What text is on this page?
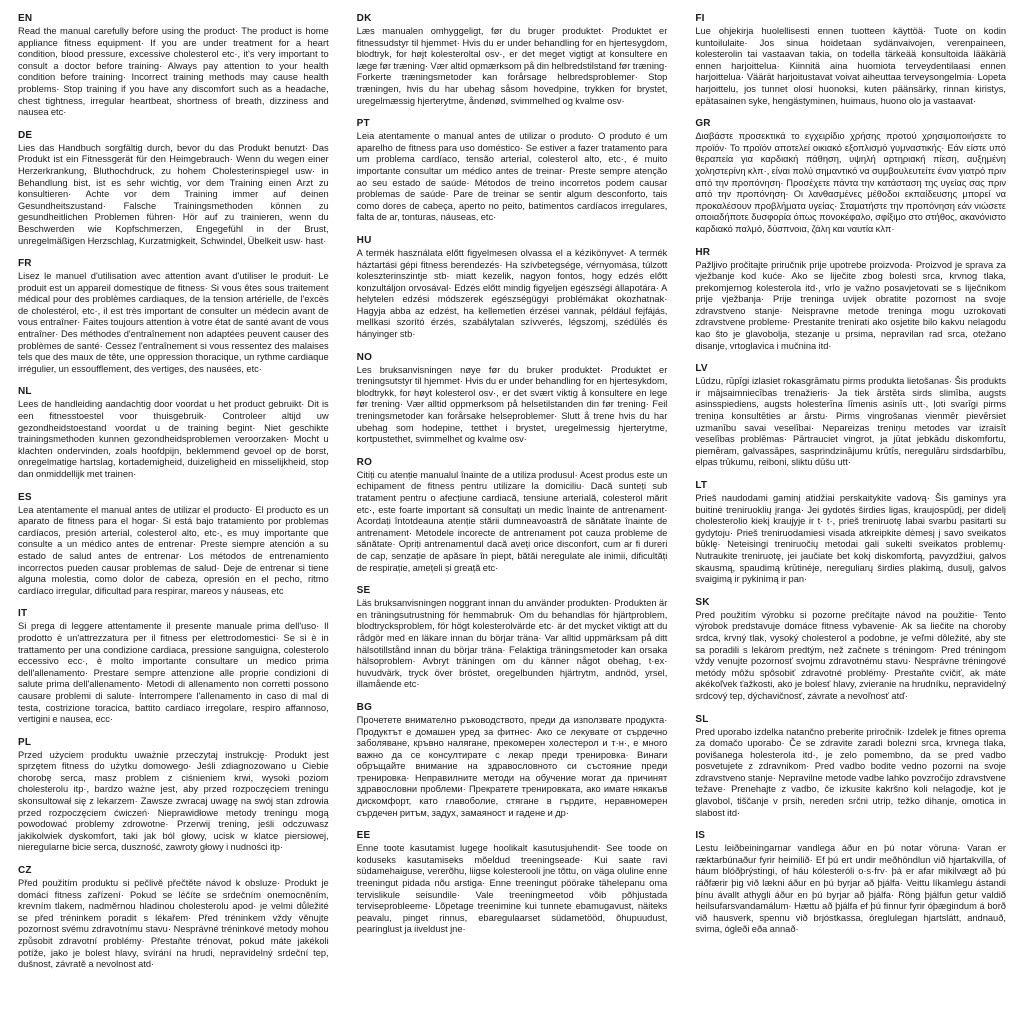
EN

Read the manual carefully before using the product· The product is home appliance fitness equipment· If you are under treatment for a heart condition, blood pressure, excessive cholesterol etc·, it's very important to consult a doctor before training· Always pay attention to your health condition before training· Incorrect training methods may cause health problems· Stop training if you have any discomfort such as a headache, chest tightness, irregular heartbeat, shortness of breath, dizziness and nausea etc·

DE

Lies das Handbuch sorgfältig durch, bevor du das Produkt benutzt· Das Produkt ist ein Fitnessgerät für den Heimgebrauch· Wenn du wegen einer Herzerkrankung, Bluthochdruck, zu hohem Cholesterinspiegel usw· in Behandlung bist, ist es sehr wichtig, vor dem Training einen Arzt zu konsultieren· Achte vor dem Training immer auf deinen Gesundheitszustand· Falsche Trainingsmethoden können zu gesundheitlichen Problemen führen· Hör auf zu trainieren, wenn du Beschwerden wie Kopfschmerzen, Engegefühl in der Brust, unregelmäßigen Herzschlag, Kurzatmigkeit, Schwindel, Übelkeit usw· hast·

FR

Lisez le manuel d'utilisation avec attention avant d'utiliser le produit· Le produit est un appareil domestique de fitness· Si vous êtes sous traitement médical pour des problèmes cardiaques, de la tension artérielle, de l'excès de cholestérol, etc·, il est très important de consulter un médecin avant de vous entraîner· Faites toujours attention à votre état de santé avant de vous entraîner· Des méthodes d'entraînement non adaptées peuvent causer des problèmes de santé· Cessez l'entraînement si vous ressentez des malaises tels que des maux de tête, une oppression thoracique, un rythme cardiaque irrégulier, un essoufflement, des vertiges, des nausées, etc·

NL

Lees de handleiding aandachtig door voordat u het product gebruikt· Dit is een fitnesstoestel voor thuisgebruik· Controleer altijd uw gezondheidstoestand voordat u de training begint· Niet geschikte trainingsmethoden kunnen gezondheidsproblemen veroorzaken· Mocht u klachten ondervinden, zoals hoofdpijn, beklemmend gevoel op de borst, onregelmatige hartslag, kortademigheid, duizeligheid en misselijkheid, stop dan onmiddellijk met trainen·

ES

Lea atentamente el manual antes de utilizar el producto· El producto es un aparato de fitness para el hogar· Si está bajo tratamiento por problemas cardíacos, presión arterial, colesterol alto, etc·, es muy importante que consulte a un médico antes de entrenar· Preste siempre atención a su estado de salud antes de entrenar· Los métodos de entrenamiento incorrectos pueden causar problemas de salud· Deje de entrenar si tiene alguna molestia, como dolor de cabeza, opresión en el pecho, ritmo cardíaco irregular, dificultad para respirar, mareos y náuseas, etc

IT

Si prega di leggere attentamente il presente manuale prima dell'uso· Il prodotto è un'attrezzatura per il fitness per elettrodomestici· Se si è in trattamento per una condizione cardiaca, pressione sanguigna, colesterolo eccessivo ecc·, è molto importante consultare un medico prima dell'allenamento· Prestare sempre attenzione alle proprie condizioni di salute prima dell'allenamento· Metodi di allenamento non corretti possono causare problemi di salute· Interrompere l'allenamento in caso di mal di testa, costrizione toracica, battito cardiaco irregolare, respiro affannoso, vertigini e nausea, ecc·

PL

Przed użyciem produktu uważnie przeczytaj instrukcję· Produkt jest sprzętem fitness do użytku domowego· Jeśli zdiagnozowano u Ciebie chorobę serca, masz problem z ciśnieniem krwi, wysoki poziom cholesterolu itp·, bardzo ważne jest, aby przed rozpoczęciem treningu skonsultował się z lekarzem· Zawsze zwracaj uwagę na swój stan zdrowia przed rozpoczęciem ćwiczeń· Nieprawidłowe metody treningu mogą powodować problemy zdrowotne· Przerwij trening, jeśli odczuwasz jakikolwiek dyskomfort, taki jak ból głowy, ucisk w klatce piersiowej, nieregularne bicie serca, duszność, zawroty głowy i nudności itp·

CZ

Před použitím produktu si pečlivě přečtěte návod k obsluze· Produkt je domácí fitness zařízení· Pokud se léčíte se srdečním onemocněním, krevním tlakem, nadměrnou hladinou cholesterolu apod· je velmi důležité se před tréninkem poradit s lékařem· Před tréninkem vždy věnujte pozornost svému zdravotnímu stavu· Nesprávné tréninkové metody mohou způsobit zdravotní problémy· Přestaňte trénovat, pokud máte jakékoli potíže, jako je bolest hlavy, svírání na hrudi, nepravidelný srdeční tep, dušnost, závratě a nevolnost atd·

DK

Læs manualen omhyggeligt, før du bruger produktet· Produktet er fitnessudstyr til hjemmet· Hvis du er under behandling for en hjertesygdom, blodtryk, for højt kolesteroltal osv·, er det meget vigtigt at konsultere en læge før træning· Vær altid opmærksom på din helbredstilstand før træning· Forkerte træningsmetoder kan forårsage helbredsproblemer· Stop træningen, hvis du har ubehag såsom hovedpine, trykken for brystet, uregelmæssig hjerterytme, åndenød, svimmelhed og kvalme osv·

PT

Leia atentamente o manual antes de utilizar o produto· O produto é um aparelho de fitness para uso doméstico· Se estiver a fazer tratamento para um problema cardíaco, tensão arterial, colesterol alto, etc·, é muito importante consultar um médico antes de treinar· Preste sempre atenção ao seu estado de saúde· Métodos de treino incorretos podem causar problemas de saúde· Pare de treinar se sentir algum desconforto, tais como dores de cabeça, aperto no peito, batimentos cardíacos irregulares, falta de ar, tonturas, náuseas, etc·

HU

A termék használata előtt figyelmesen olvassa el a kézikönyvet· A termék háztartási gépi fitness berendezés· Ha szívbetegsége, vérnyomása, túlzott koleszterinszintje stb· miatt kezelik, nagyon fontos, hogy edzés előtt konzultáljon orvosával· Edzés előtt mindig figyeljen egészségi állapotára· A helytelen edzési módszerek egészségügyi problémákat okozhatnak· Hagyja abba az edzést, ha kellemetlen érzései vannak, például fejfájás, mellkasi szorító érzés, szabálytalan szívverés, légszomj, szédülés és hányinger stb·

NO

Les bruksanvisningen nøye før du bruker produktet· Produktet er treningsutstyr til hjemmet· Hvis du er under behandling for en hjertesykdom, blodtrykk, for høyt kolesterol osv·, er det svært viktig å konsultere en lege før trening· Vær alltid oppmerksom på helsetilstanden din før trening· Feil treningsmetoder kan forårsake helseproblemer· Slutt å trene hvis du har ubehag som hodepine, tetthet i brystet, uregelmessig hjerterytme, kortpustethet, svimmelhet og kvalme osv·

RO

Citiți cu atenție manualul înainte de a utiliza produsul· Acest produs este un echipament de fitness pentru utilizare la domiciliu· Dacă sunteți sub tratament pentru o afecțiune cardiacă, tensiune arterială, colesterol mărit etc·, este foarte important să consultați un medic înainte de antrenament· Acordați întotdeauna atenție stării dumneavoastră de sănătate înainte de antrenament· Metodele incorecte de antrenament pot cauza probleme de sănătate· Opriți antrenamentul dacă aveți orice disconfort, cum ar fi dureri de cap, senzație de apăsare în piept, bătăi neregulate ale inimii, dificultăți de respirație, amețeli și greață etc·

SE

Läs bruksanvisningen noggrant innan du använder produkten· Produkten är en träningsutrustning för hemmabruk· Om du behandlas för hjärtproblem, blodtrycksproblem, för högt kolesterolvärde etc· är det mycket viktigt att du rådgör med en läkare innan du börjar träna· Var alltid uppmärksam på ditt hälsotillstånd innan du börjar träna· Felaktiga träningsmetoder kan orsaka hälsoproblem· Avbryt träningen om du känner något obehag, t·ex· huvudvärk, tryck över bröstet, oregelbunden hjärtrytm, andnöd, yrsel, illamående etc·

BG

Прочетете внимателно ръководството, преди да използвате продукта· Продуктът е домашен уред за фитнес· Ако се лекувате от сърдечно заболяване, кръвно налягане, прекомерен холестерол и т·н·, е много важно да се консултирате с лекар преди тренировка· Винаги обръщайте внимание на здравословното си състояние преди тренировка· Неправилните методи на обучение могат да причинят здравословни проблеми· Прекратете тренировката, ако имате някакъв дискомфорт, като главоболие, стягане в гърдите, неравномерен сърдечен ритъм, задух, замаяност и гадене и др·

EE

Enne toote kasutamist lugege hoolikalt kasutusjuhendit· See toode on koduseks kasutamiseks mõeldud treeningseade· Kui saate ravi südamehaiguse, vererõhu, liigse kolesterooli jne tõttu, on väga oluline enne treeningut pidada nõu arstiga· Enne treeningut pöörake tähelepanu oma tervislikule seisundile· Vale treeningmeetod võib põhjustada terviseprobleeme· Lõpetage treenimine kui tunnete ebamugavust, näiteks peavalu, pinget rinnus, ebaregulaarset südametööd, õhupuudust, pearinglust ja iiveldust jne·

FI

Lue ohjekirja huolellisesti ennen tuotteen käyttöä· Tuote on kodin kuntoilulaite· Jos sinua hoidetaan sydänvaivojen, verenpaineen, kolesterolin tai vastaavan takia, on todella tärkeää konsultoida lääkäriä ennen harjoittelua· Kiinnitä aina huomiota terveydentilaasi ennen harjoittelua· Väärät harjoitustavat voivat aiheuttaa terveysongelmia· Lopeta harjoittelu, jos tunnet olosi huonoksi, kuten päänsärky, rinnan kiristys, epätasainen syke, hengästyminen, huimaus, huono olo ja vastaavat·

GR

Διαβάστε προσεκτικά το εγχειρίδιο χρήσης προτού χρησιμοποιήσετε το προϊόν· Το προϊόν αποτελεί οικιακό εξοπλισμό γυμναστικής· Εάν είστε υπό θεραπεία για καρδιακή πάθηση, υψηλή αρτηριακή πίεση, αυξημένη χοληστερίνη κλπ·, είναι πολύ σημαντικό να συμβουλευτείτε έναν γιατρό πριν από την προπόνηση· Προσέχετε πάντα την κατάσταση της υγείας σας πριν από την προπόνηση· Οι λανθασμένες μέθοδοι εκπαίδευσης μπορεί να προκαλέσουν προβλήματα υγείας· Σταματήστε την προπόνηση εάν νιώσετε οποιαδήποτε δυσφορία όπως πονοκέφαλο, σφίξιμο στο στήθος, ακανόνιστο καρδιακό παλμό, δύσπνοια, ζάλη και ναυτία κλπ·

HR

Pažljivo pročitajte priručnik prije upotrebe proizvoda· Proizvod je sprava za vježbanje kod kuće· Ako se liječite zbog bolesti srca, krvnog tlaka, prekomjernog kolesterola itd·, vrlo je važno posavjetovati se s liječnikom prije vježbanja· Prije treninga uvijek obratite pozornost na svoje zdravstveno stanje· Neispravne metode treninga mogu uzrokovati zdravstvene probleme· Prestanite trenirati ako osjetite bilo kakvu nelagodu kao što je glavobolja, stezanje u prsima, nepravilan rad srca, otežano disanje, vrtoglavica i mučnina itd·

LV

Lūdzu, rūpīgi izlasiet rokasgrāmatu pirms produkta lietošanas· Šis produkts ir mājsaimniecības trenažieris· Ja tiek ārstēta sirds slimība, augsts asinsspiediens, augsts holesterīna līmenis asinīs utt·, ļoti svarīgi pirms treniņa konsultēties ar ārstu· Pirms vingrošanas vienmēr pievērsiet uzmanību savai veselībai· Nepareizas treniņu metodes var izraisīt veselības problēmas· Pārtrauciet vingrot, ja jūtat jebkādu diskomfortu, piemēram, galvassāpes, sasprindzinājumu krūtīs, neregulāru sirdsdarbību, elpas trūkumu, reiboni, sliktu dūšu utt·

LT

Prieš naudodami gaminį atidžiai perskaitykite vadovą· Šis gaminys yra buitinė treniruoklių įranga· Jei gydotės širdies ligas, kraujospūdį, per didelį cholesterolio kiekį kraujyje ir t· t·, prieš treniruotę labai svarbu pasitarti su gydytoju· Prieš treniruodamiesi visada atkreipkite dėmesį į savo sveikatos būklę· Neteisingi treniruočių metodai gali sukelti sveikatos problemų· Nutraukite treniruotę, jei jaučiate bet kokį diskomfortą, pavyzdžiui, galvos skausmą, spaudimą krūtinėje, nereguliarų širdies plakimą, dusulį, galvos svaigimą ir pykinimą ir pan·

SK

Pred použitím výrobku si pozorne prečítajte návod na použitie· Tento výrobok predstavuje domáce fitness vybavenie· Ak sa liečite na choroby srdca, krvný tlak, vysoký cholesterol a podobne, je veľmi dôležité, aby ste sa poradili s lekárom predtým, než začnete s tréningom· Pred tréningom vždy venujte pozornosť svojmu zdravotnému stavu· Nesprávne tréningové metódy môžu spôsobiť zdravotné problémy· Prestaňte cvičiť, ak máte akékoľvek ťažkosti, ako je bolesť hlavy, zvieranie na hrudníku, nepravidelný srdcový tep, dýchavičnosť, závrate a nevoľnosť atď·

SL

Pred uporabo izdelka natančno preberite priročnik· Izdelek je fitnes oprema za domačo uporabo· Če se zdravite zaradi bolezni srca, krvnega tlaka, povišanega holesterola itd·, je zelo pomembno, da se pred vadbo posvetujete z zdravnikom· Pred vadbo bodite vedno pozorni na svoje zdravstveno stanje· Nepravilne metode vadbe lahko povzročijo zdravstvene težave· Prenehajte z vadbo, če izkusite kakršno koli nelagodje, kot je glavobol, tiščanje v prsih, nereden srčni utrip, težko dihanje, omotica in slabost itd·

IS

Lestu leiðbeiningarnar vandlega áður en þú notar vöruna· Varan er ræktarbúnaður fyrir heimilið· Ef þú ert undir meðhöndlun við hjartakvilla, of háum blóðþrýstingi, of háu kólesteróli o·s·frv· þá er afar mikilvægt að þú ráðfærir þig við lækni áður en þú byrjar að þjálfa· Veittu líkamlegu ástandi þínu ávallt athygli áður en þú byrjar að þjálfa· Röng þjálfun getur valdið heilsufarsvandamálum· Hættu að þjálfa ef þú finnur fyrir óþægindum á borð við hausverk, spennu við brjóstkassa, óreglulegan hjartslátt, andnauð, svima, ógleði eða annað·
